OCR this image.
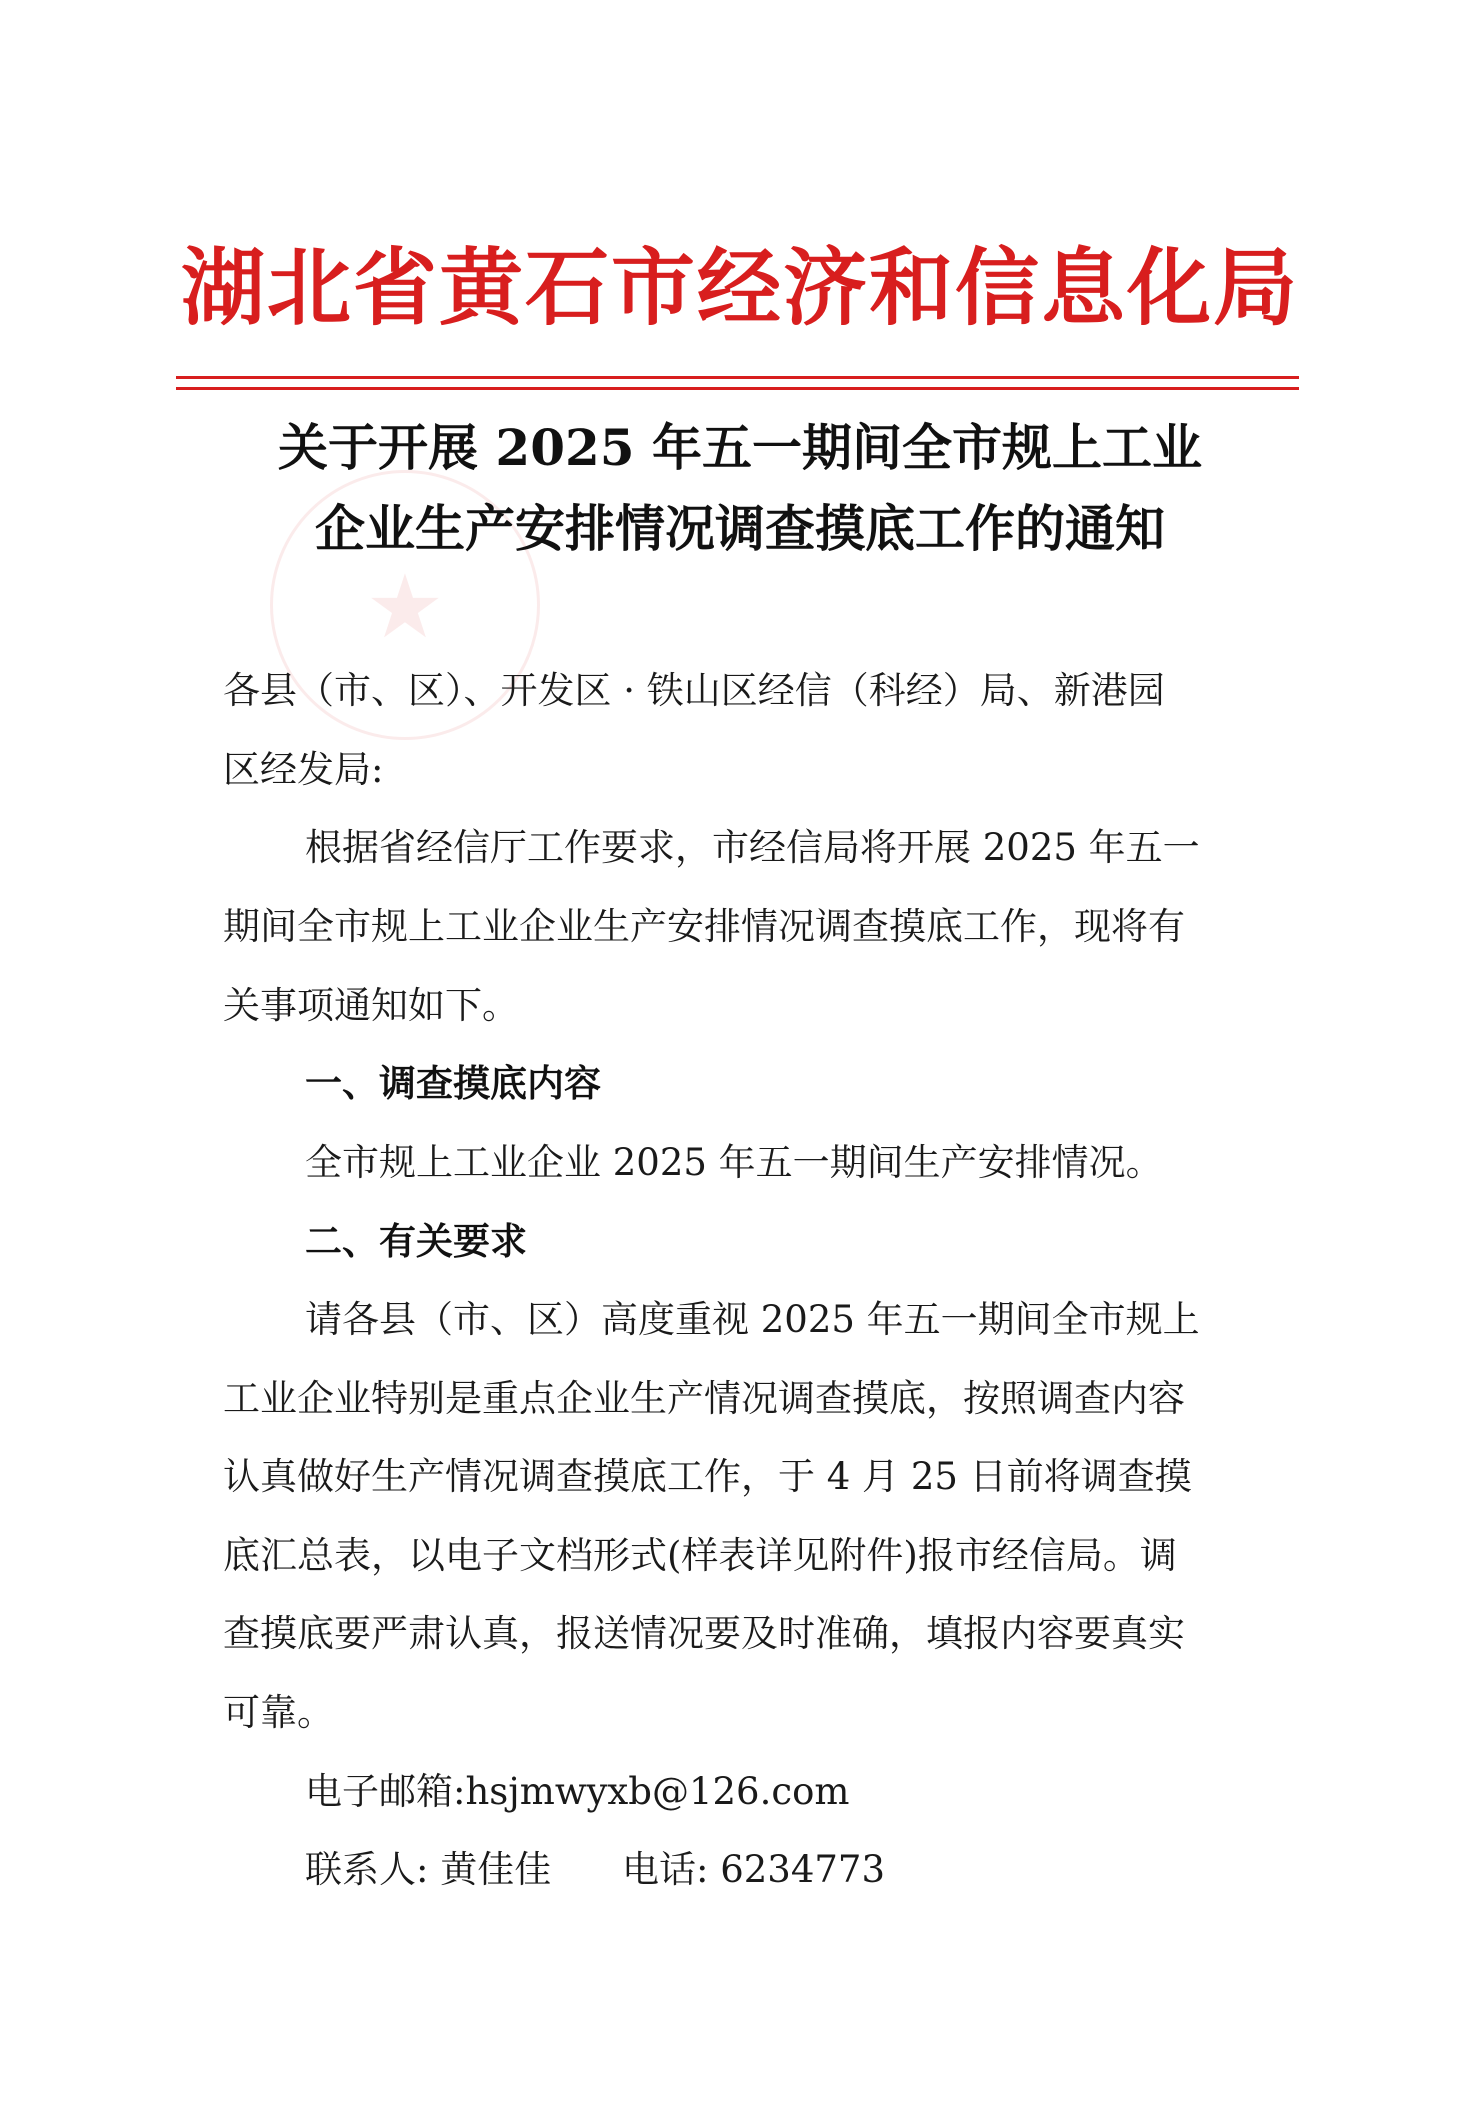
★
湖北省黄石市经济和信息化局
关于开展 2025 年五一期间全市规上工业
企业生产安排情况调查摸底工作的通知
各县（市、区）、开发区 · 铁山区经信（科经）局、新港园
区经发局:
根据省经信厅工作要求，市经信局将开展 2025 年五一
期间全市规上工业企业生产安排情况调查摸底工作，现将有
关事项通知如下。
一、调查摸底内容
全市规上工业企业 2025 年五一期间生产安排情况。
二、有关要求
请各县（市、区）高度重视 2025 年五一期间全市规上
工业企业特别是重点企业生产情况调查摸底，按照调查内容
认真做好生产情况调查摸底工作，于 4 月 25 日前将调查摸
底汇总表，以电子文档形式(样表详见附件)报市经信局。调
查摸底要严肃认真，报送情况要及时准确，填报内容要真实
可靠。
电子邮箱:hsjmwyxb@126.com
联系人: 黄佳佳 电话: 6234773
